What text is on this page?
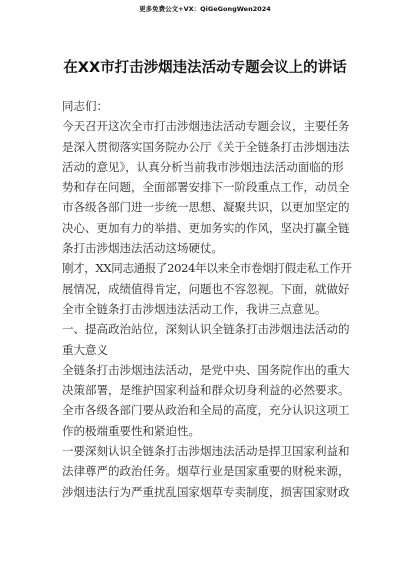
更多免费公文+VX：QiGeGongWen2024
在XX市打击涉烟违法活动专题会议上的讲话
同志们：
今天召开这次全市打击涉烟违法活动专题会议，主要任务
是深入贯彻落实国务院办公厅《关于全链条打击涉烟违法
活动的意见》，认真分析当前我市涉烟违法活动面临的形
势和存在问题，全面部署安排下一阶段重点工作，动员全
市各级各部门进一步统一思想、凝聚共识，以更加坚定的
决心、更加有力的举措、更加务实的作风，坚决打赢全链
条打击涉烟违法活动这场硬仗。
刚才，XX同志通报了2024年以来全市卷烟打假走私工作开
展情况，成绩值得肯定，问题也不容忽视。下面，就做好
全市全链条打击涉烟违法活动工作，我讲三点意见。
一、提高政治站位，深刻认识全链条打击涉烟违法活动的
重大意义
全链条打击涉烟违法活动，是党中央、国务院作出的重大
决策部署，是维护国家利益和群众切身利益的必然要求。
全市各级各部门要从政治和全局的高度，充分认识这项工
作的极端重要性和紧迫性。
一要深刻认识全链条打击涉烟违法活动是捍卫国家利益和
法律尊严的政治任务。烟草行业是国家重要的财税来源，
涉烟违法行为严重扰乱国家烟草专卖制度，损害国家财政
